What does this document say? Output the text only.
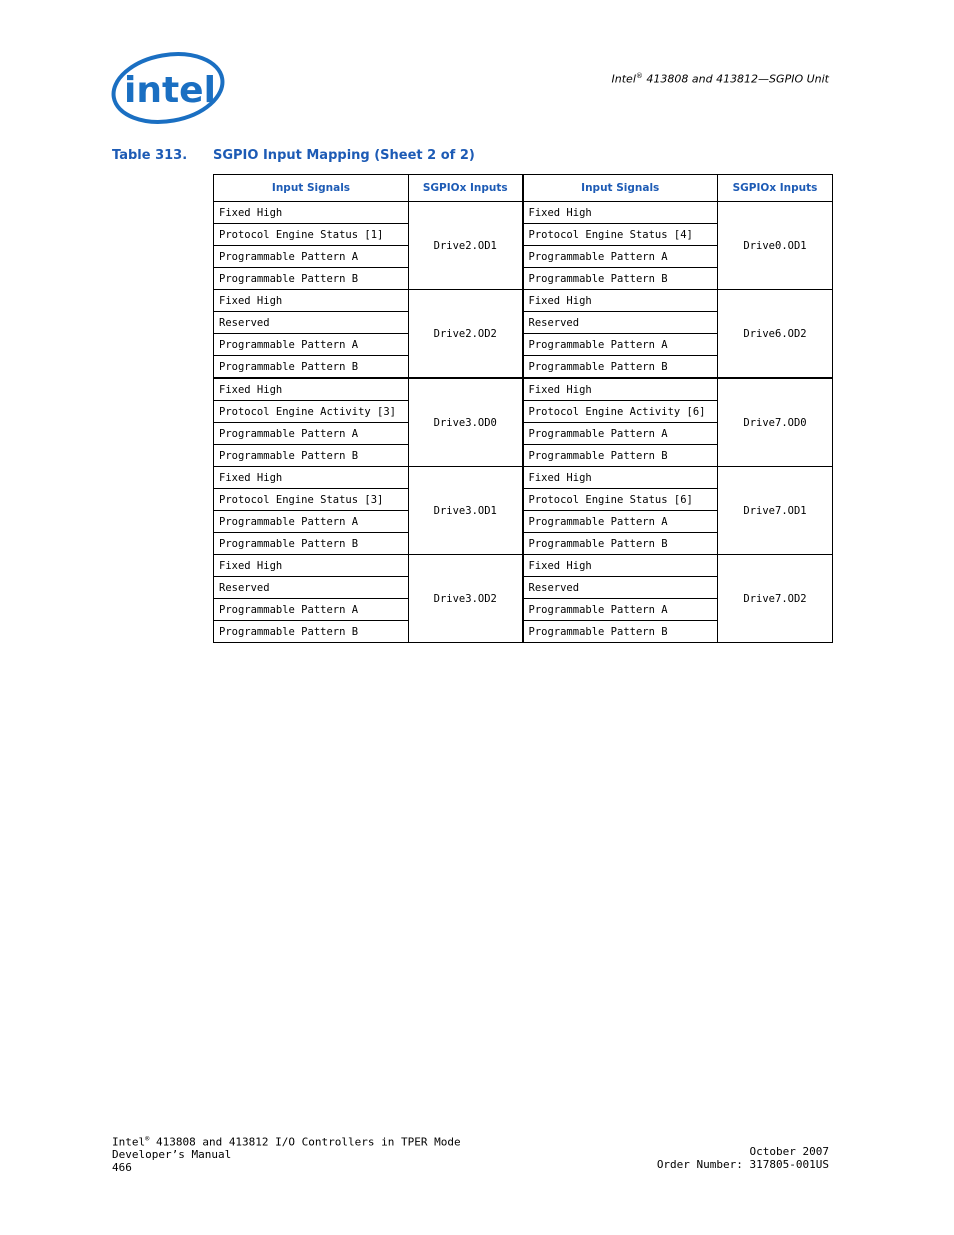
intel	Intel® 413808 and 413812—SGPIO Unit
Table 313. SGPIO Input Mapping (Sheet 2 of 2)
Input Signals	SGPIOx Inputs	Input Signals	SGPIOx Inputs
Fixed High	Drive2.OD1	Fixed High	Drive0.OD1
Protocol Engine Status [1]		Protocol Engine Status [4]	
Programmable Pattern A		Programmable Pattern A	
Programmable Pattern B		Programmable Pattern B	
Fixed High	Drive2.OD2	Fixed High	Drive6.OD2
Reserved		Reserved	
Programmable Pattern A		Programmable Pattern A	
Programmable Pattern B		Programmable Pattern B	
Fixed High	Drive3.OD0	Fixed High	Drive7.OD0
Protocol Engine Activity [3]		Protocol Engine Activity [6]	
Programmable Pattern A		Programmable Pattern A	
Programmable Pattern B		Programmable Pattern B	
Fixed High	Drive3.OD1	Fixed High	Drive7.OD1
Protocol Engine Status [3]		Protocol Engine Status [6]	
Programmable Pattern A		Programmable Pattern A	
Programmable Pattern B		Programmable Pattern B	
Fixed High	Drive3.OD2	Fixed High	Drive7.OD2
Reserved		Reserved	
Programmable Pattern A		Programmable Pattern A	
Programmable Pattern B		Programmable Pattern B	
Intel® 413808 and 413812 I/O Controllers in TPER Mode
Developer’s Manual
466
October 2007
Order Number: 317805-001US
